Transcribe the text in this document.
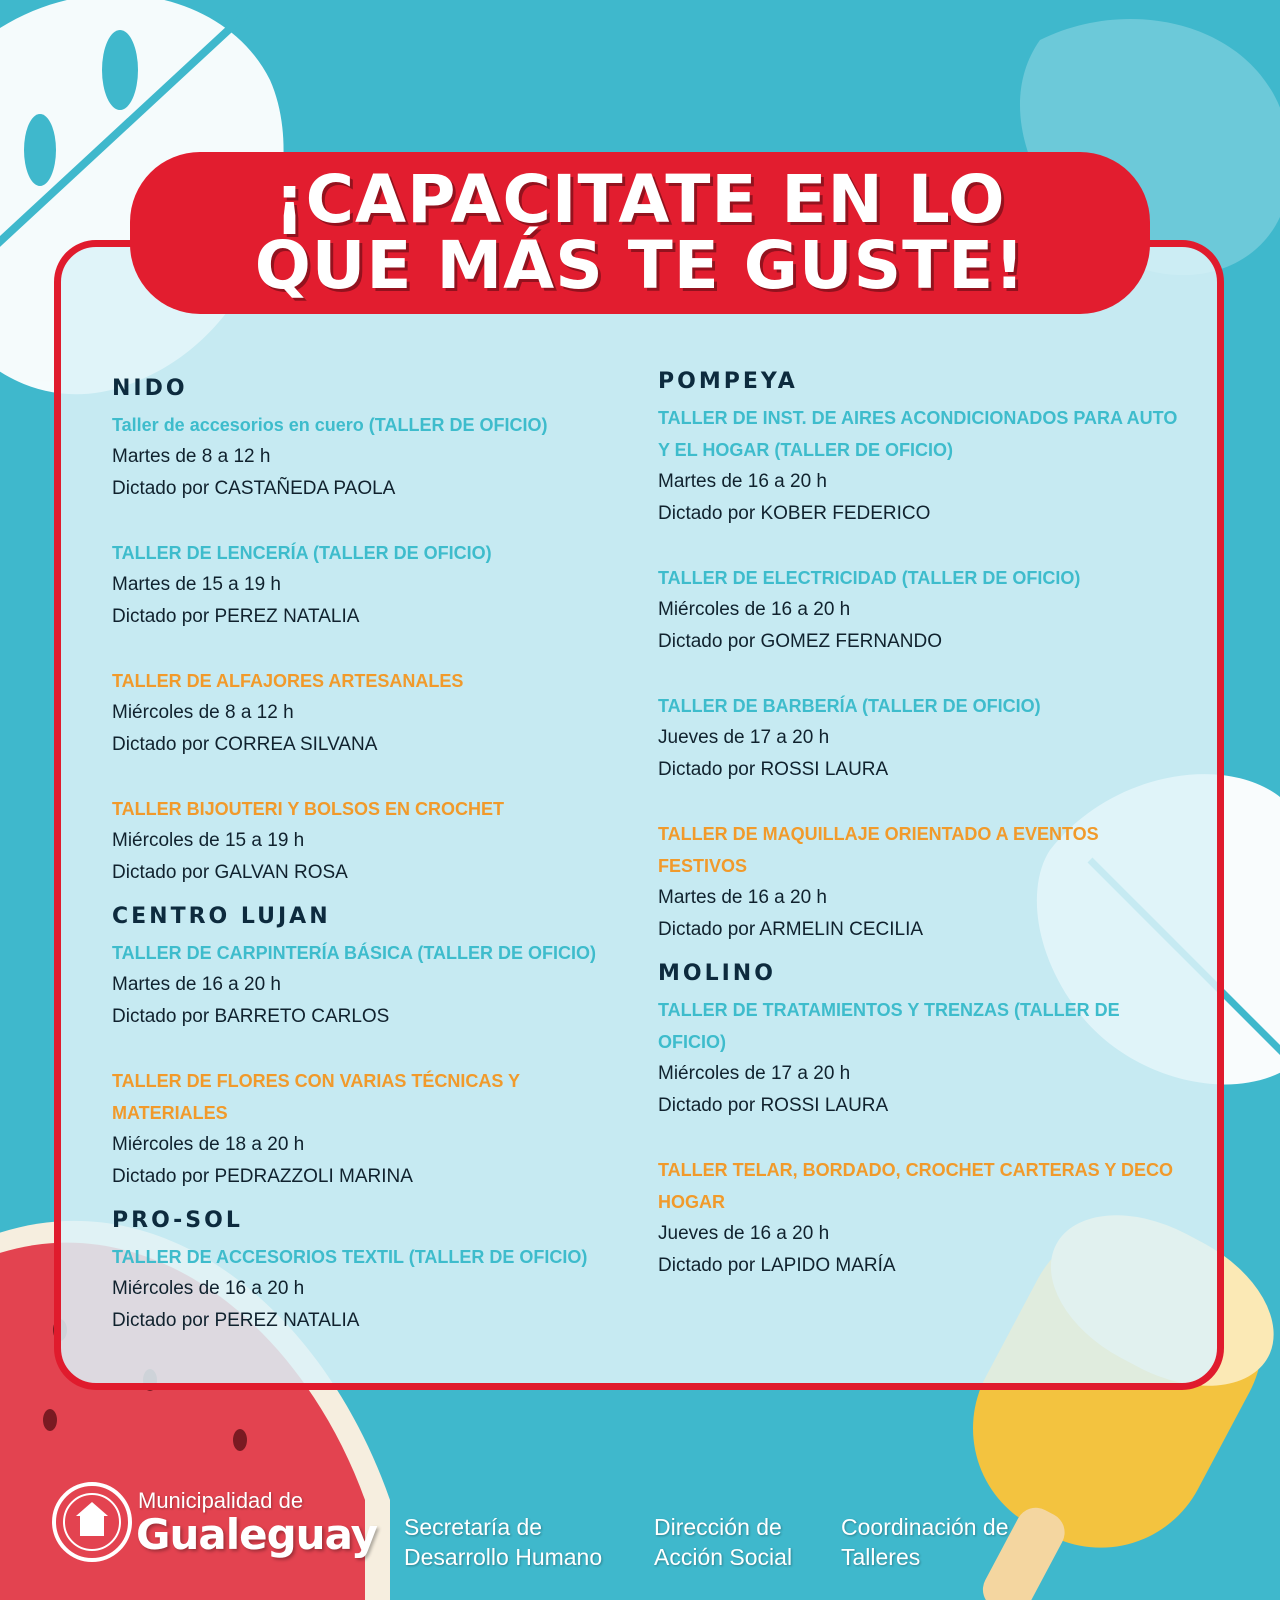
¡CAPACITATE EN LO
QUE MÁS TE GUSTE!
NIDO
Taller de accesorios en cuero (TALLER DE OFICIO)
Martes de 8 a 12 h
Dictado por CASTAÑEDA PAOLA
TALLER DE LENCERÍA (TALLER DE OFICIO)
Martes de 15 a 19 h
Dictado por PEREZ NATALIA
TALLER DE ALFAJORES ARTESANALES
Miércoles de 8 a 12 h
Dictado por CORREA SILVANA
TALLER BIJOUTERI Y BOLSOS EN CROCHET
Miércoles de 15 a 19 h
Dictado por GALVAN ROSA
CENTRO LUJAN
TALLER DE CARPINTERÍA BÁSICA (TALLER DE OFICIO)
Martes de 16 a 20 h
Dictado por BARRETO CARLOS
TALLER DE FLORES CON VARIAS TÉCNICAS Y MATERIALES
Miércoles de 18 a 20 h
Dictado por PEDRAZZOLI MARINA
PRO-SOL
TALLER DE ACCESORIOS TEXTIL (TALLER DE OFICIO)
Miércoles de 16 a 20 h
Dictado por PEREZ NATALIA
POMPEYA
TALLER DE INST. DE AIRES ACONDICIONADOS PARA AUTO Y EL HOGAR (TALLER DE OFICIO)
Martes de 16 a 20 h
Dictado por KOBER FEDERICO
TALLER DE ELECTRICIDAD (TALLER DE OFICIO)
Miércoles de 16 a 20 h
Dictado por GOMEZ FERNANDO
TALLER DE BARBERÍA (TALLER DE OFICIO)
Jueves de 17 a 20 h
Dictado por ROSSI LAURA
TALLER DE MAQUILLAJE ORIENTADO A EVENTOS FESTIVOS
Martes de 16 a 20 h
Dictado por ARMELIN CECILIA
MOLINO
TALLER DE TRATAMIENTOS Y TRENZAS (TALLER DE OFICIO)
Miércoles de 17 a 20 h
Dictado por ROSSI LAURA
TALLER TELAR, BORDADO, CROCHET CARTERAS Y DECO HOGAR
Jueves de 16 a 20 h
Dictado por LAPIDO MARÍA
Municipalidad de
Gualeguay Secretaría de
Desarrollo Humano
Dirección de
Acción Social
Coordinación de
Talleres
